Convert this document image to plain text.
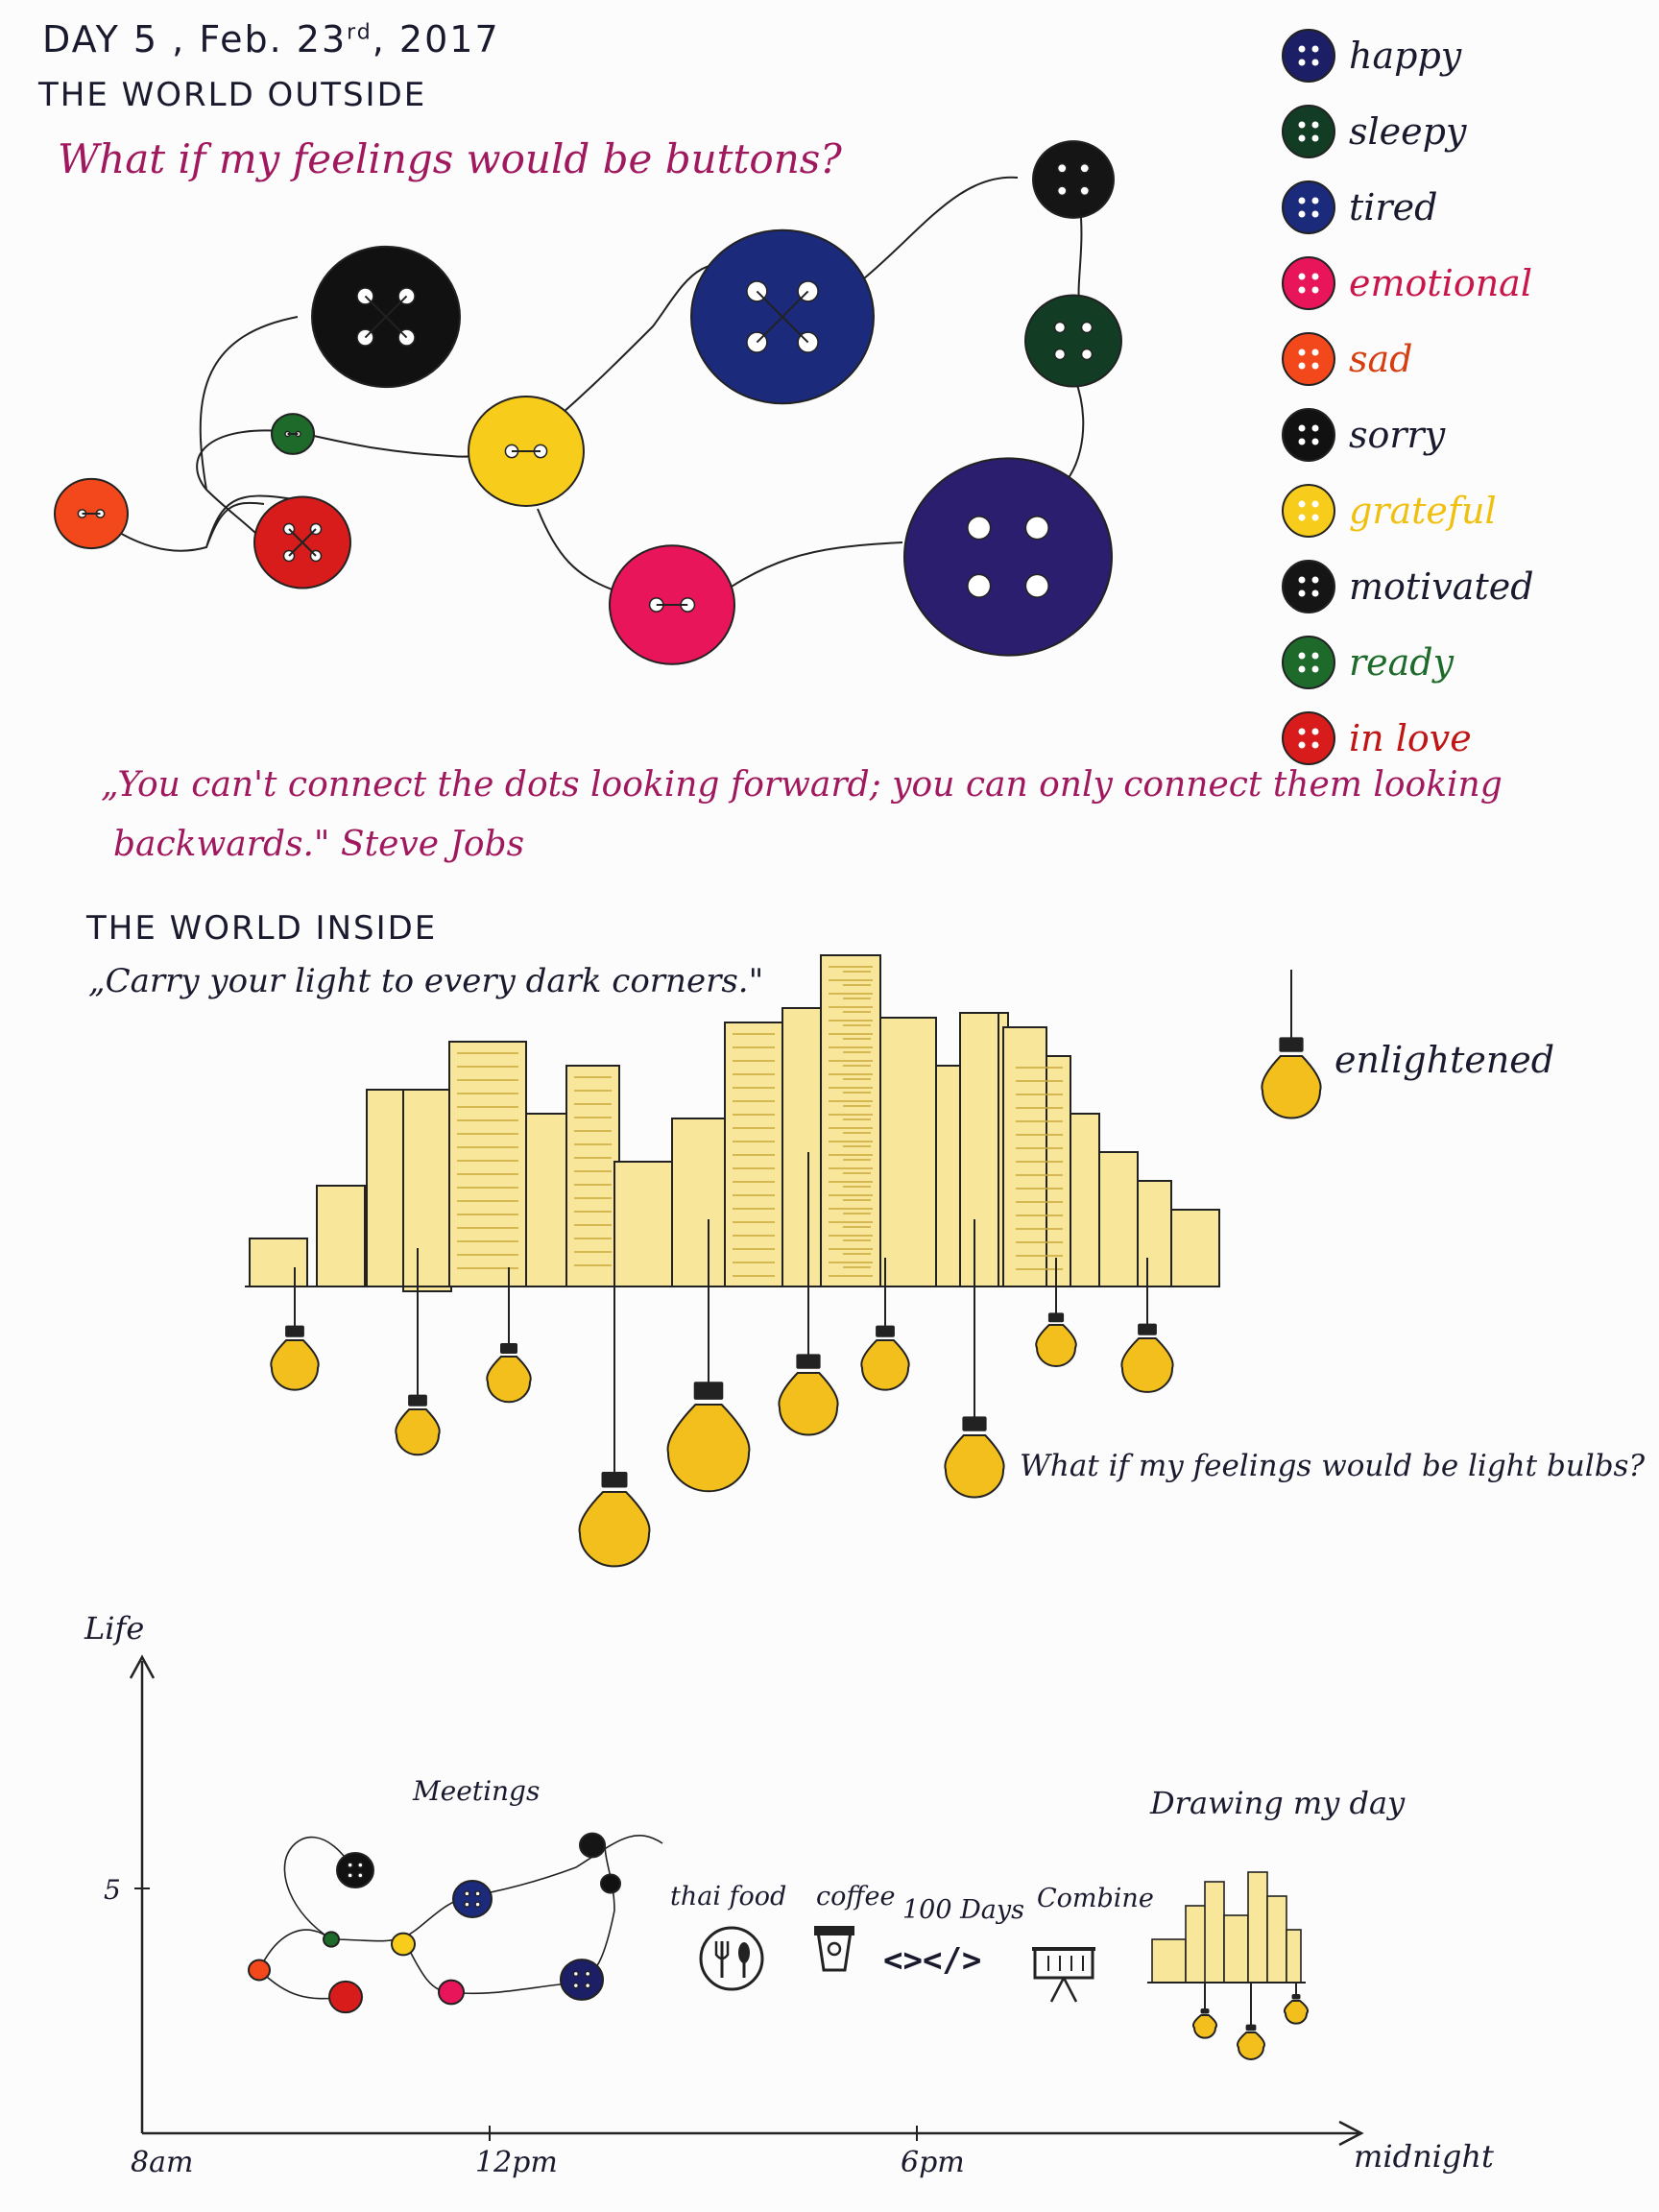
DAY 5 , Feb. 23rd, 2017
THE WORLD OUTSIDE
What if my feelings would be buttons?
happy
sleepy
tired
emotional
sad
sorry
grateful
motivated
ready
in love
„You can't connect the dots looking forward; you can only connect them looking
backwards." Steve Jobs
THE WORLD INSIDE
„Carry your light to every dark corners."
enlightened
What if my feelings would be light bulbs?
Life
5
8am	12pm	6pm	midnight
Meetings
thai food coffee 100 Days Combine
Drawing my day
<></>
